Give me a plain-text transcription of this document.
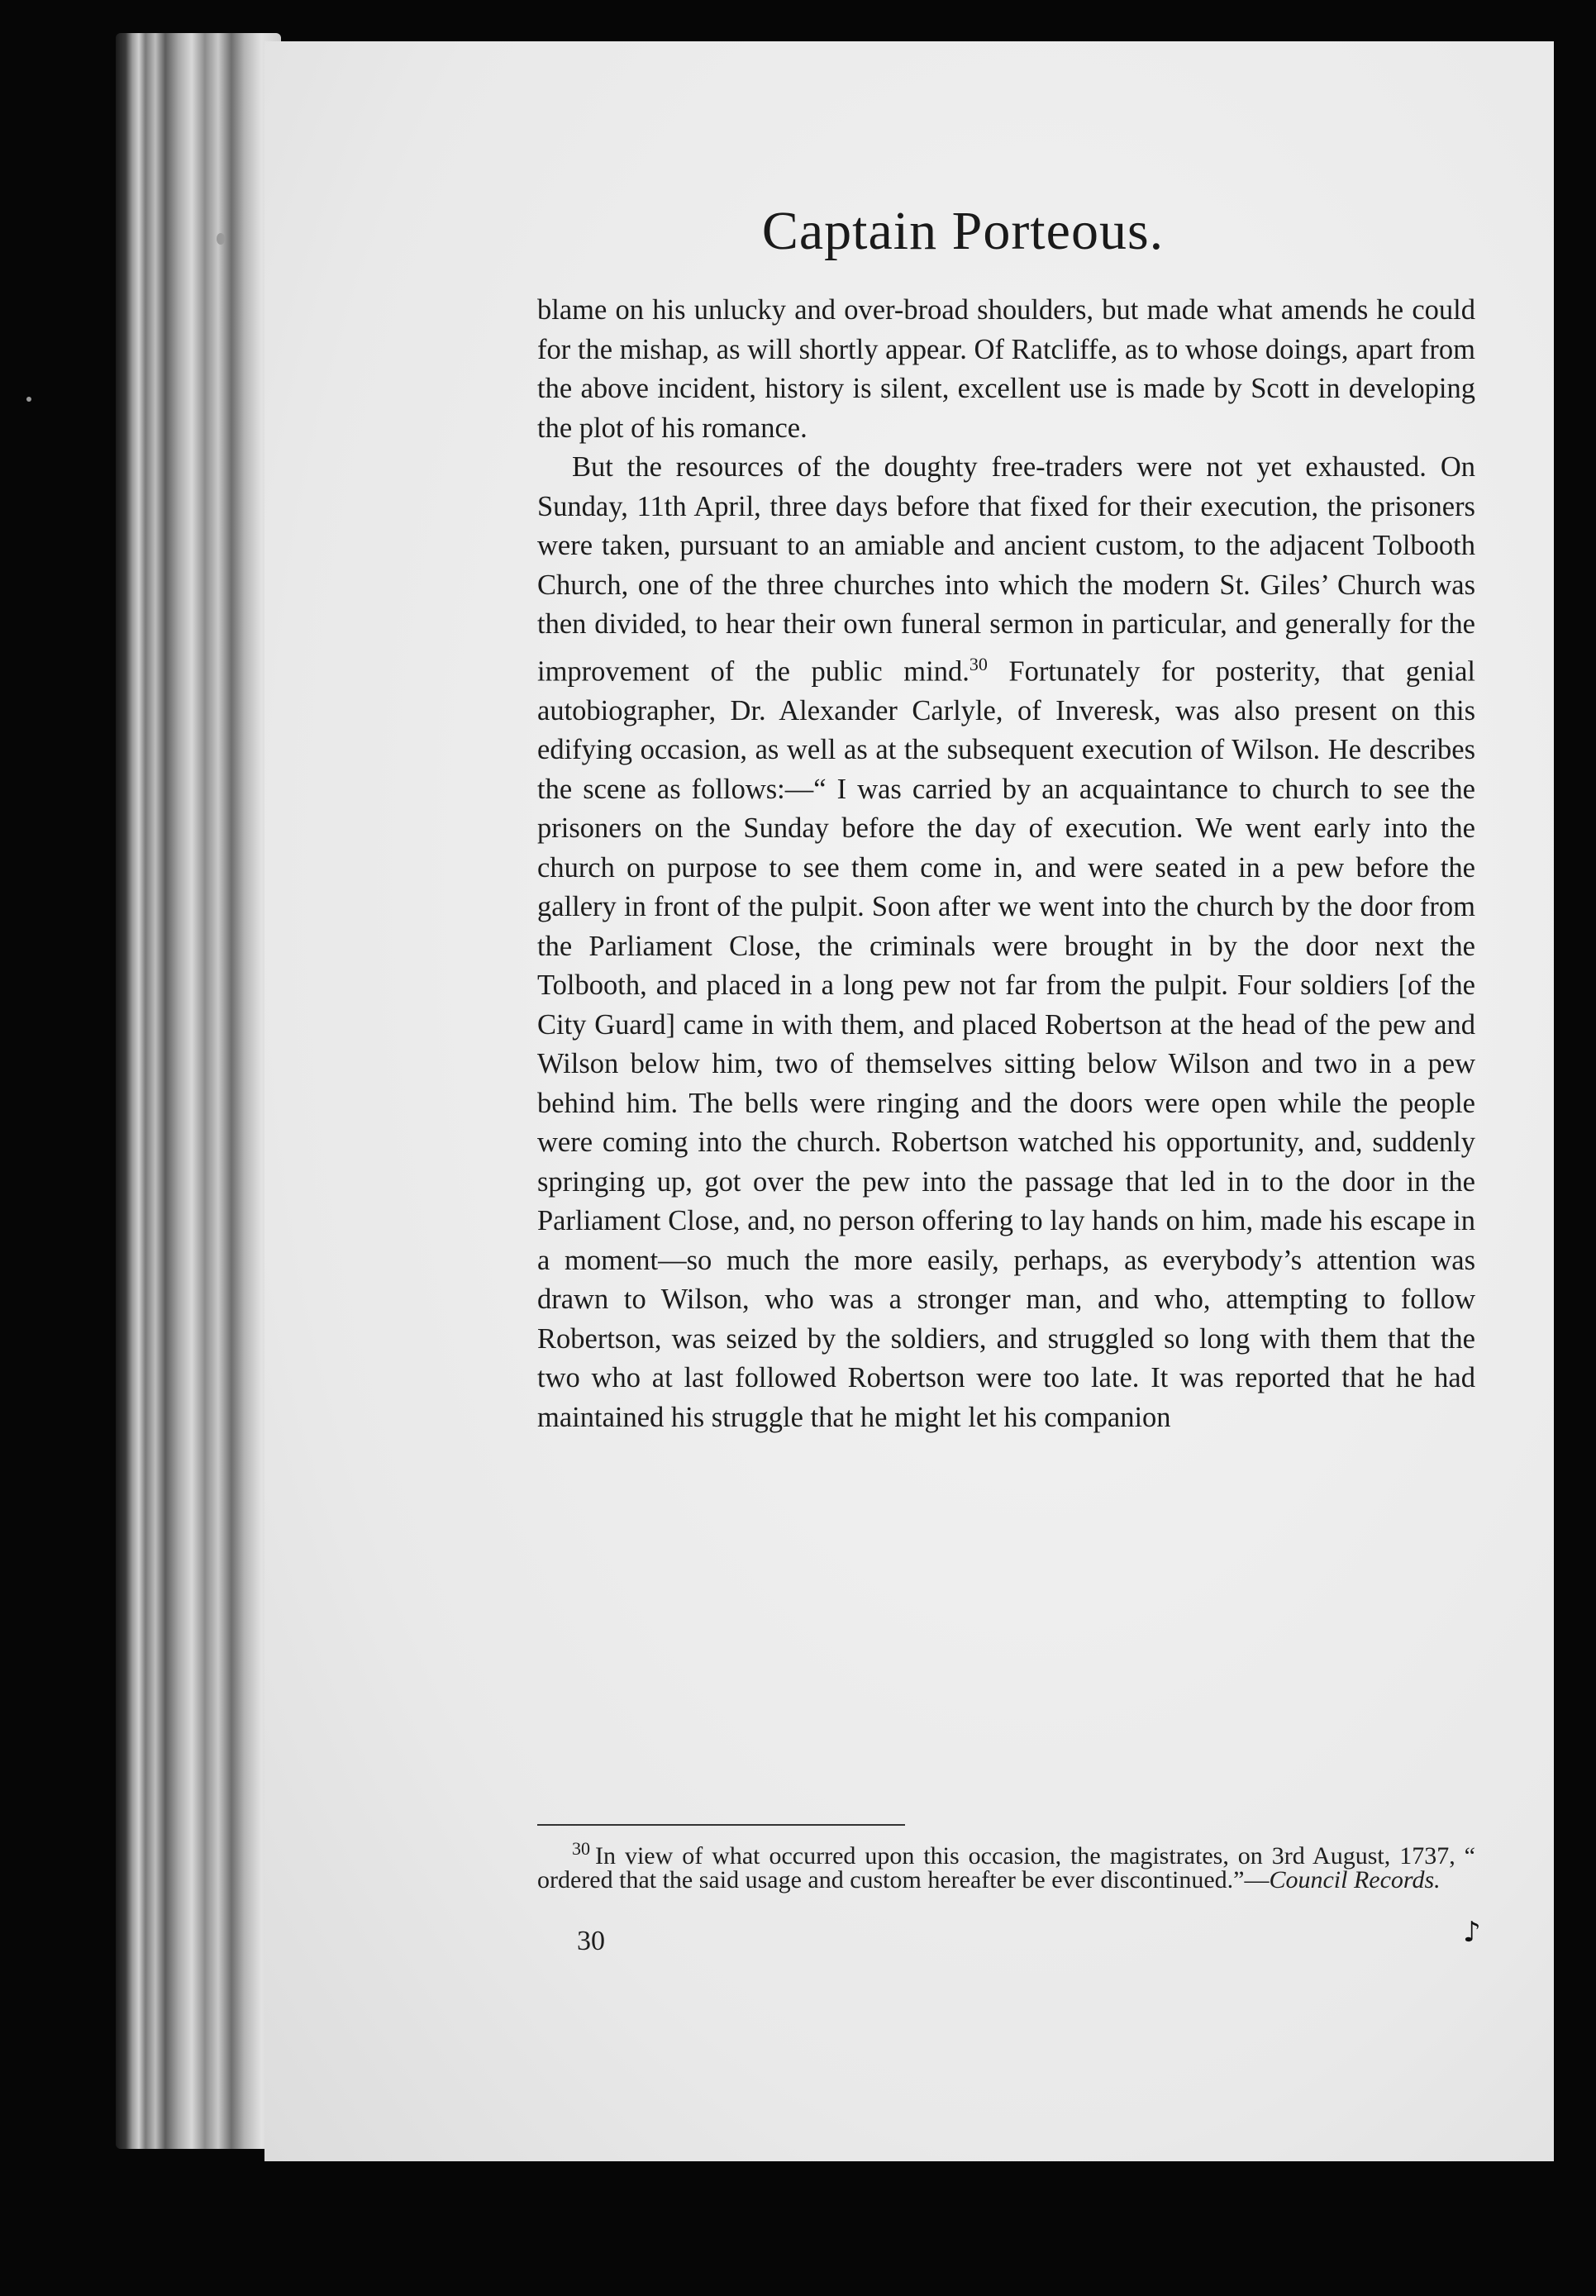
Captain Porteous.

blame on his unlucky and over-broad shoulders, but made what amends he could for the mishap, as will shortly appear. Of Ratcliffe, as to whose doings, apart from the above incident, history is silent, excellent use is made by Scott in developing the plot of his romance.

But the resources of the doughty free-traders were not yet exhausted. On Sunday, 11th April, three days before that fixed for their execution, the prisoners were taken, pursuant to an amiable and ancient custom, to the adjacent Tolbooth Church, one of the three churches into which the modern St. Giles’ Church was then divided, to hear their own funeral sermon in particular, and generally for the improvement of the public mind.$^{30}$ Fortunately for posterity, that genial autobiographer, Dr. Alexander Carlyle, of Inveresk, was also present on this edifying occasion, as well as at the subsequent execution of Wilson. He describes the scene as follows:—“ I was carried by an acquaintance to church to see the prisoners on the Sunday before the day of execution. We went early into the church on purpose to see them come in, and were seated in a pew before the gallery in front of the pulpit. Soon after we went into the church by the door from the Parliament Close, the criminals were brought in by the door next the Tolbooth, and placed in a long pew not far from the pulpit. Four soldiers [of the City Guard] came in with them, and placed Robertson at the head of the pew and Wilson below him, two of themselves sitting below Wilson and two in a pew behind him. The bells were ringing and the doors were open while the people were coming into the church. Robertson watched his opportunity, and, suddenly springing up, got over the pew into the passage that led in to the door in the Parliament Close, and, no person offering to lay hands on him, made his escape in a moment—so much the more easily, perhaps, as everybody’s attention was drawn to Wilson, who was a stronger man, and who, attempting to follow Robertson, was seized by the soldiers, and struggled so long with them that the two who at last followed Robertson were too late. It was reported that he had maintained his struggle that he might let his companion

$^{30}$ In view of what occurred upon this occasion, the magistrates, on 3rd August, 1737, “ ordered that the said usage and custom hereafter be ever discontinued.”—Council Records.
30	♪
